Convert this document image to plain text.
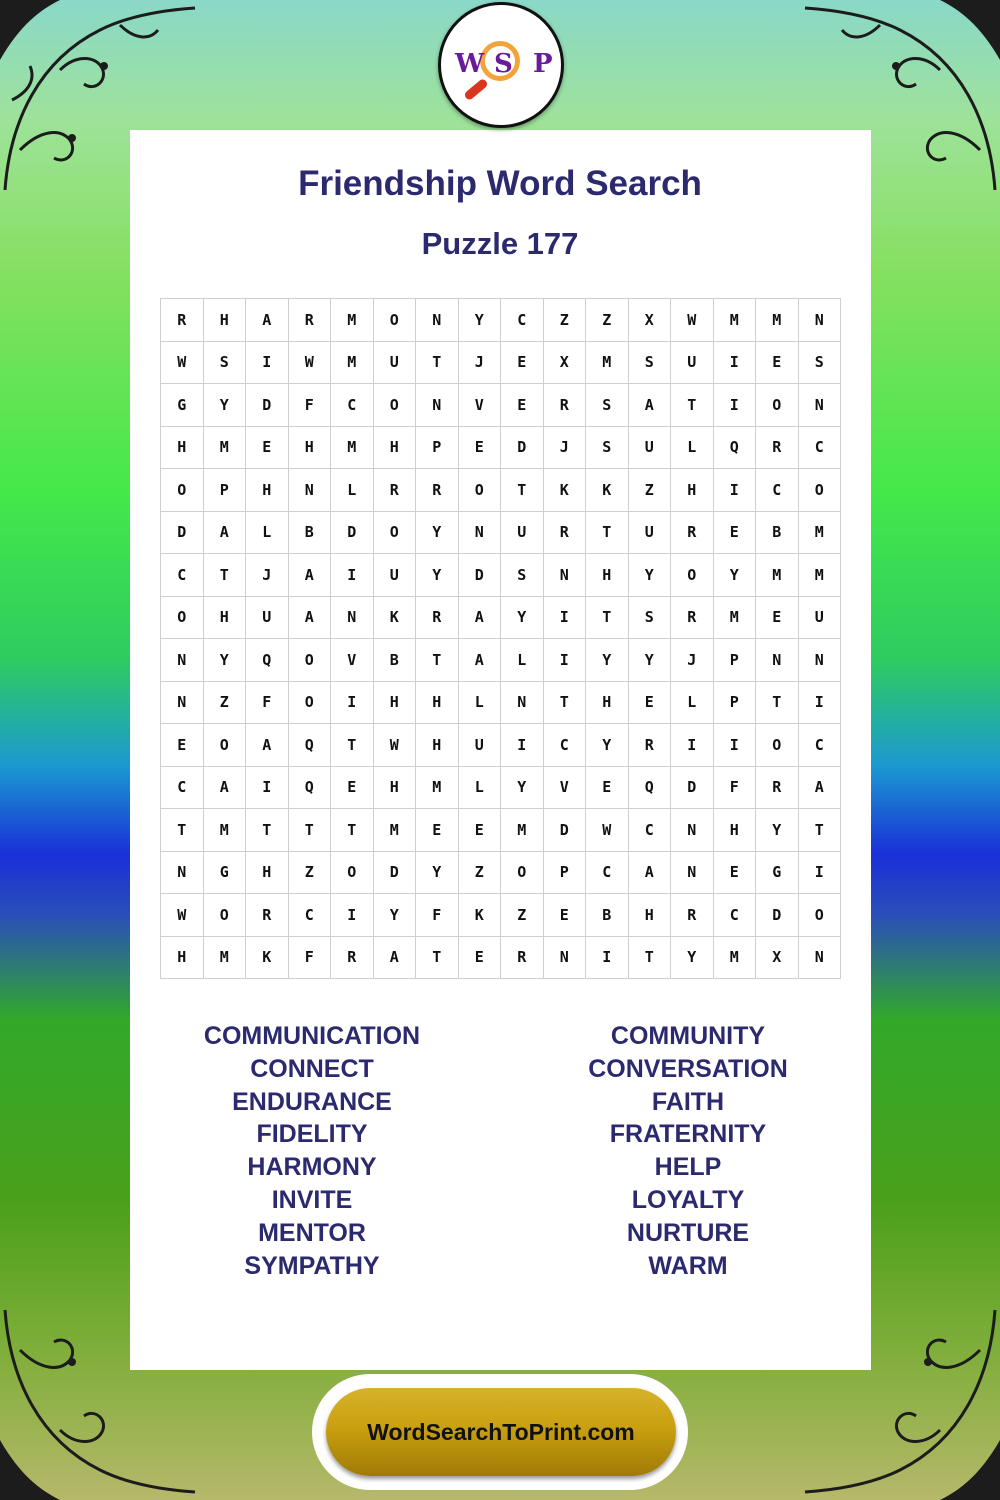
W S P
Friendship Word Search
Puzzle 177
R	H	A	R	M	O	N	Y	C	Z	Z	X	W	M	M	N
W	S	I	W	M	U	T	J	E	X	M	S	U	I	E	S
G	Y	D	F	C	O	N	V	E	R	S	A	T	I	O	N
H	M	E	H	M	H	P	E	D	J	S	U	L	Q	R	C
O	P	H	N	L	R	R	O	T	K	K	Z	H	I	C	O
D	A	L	B	D	O	Y	N	U	R	T	U	R	E	B	M
C	T	J	A	I	U	Y	D	S	N	H	Y	O	Y	M	M
O	H	U	A	N	K	R	A	Y	I	T	S	R	M	E	U
N	Y	Q	O	V	B	T	A	L	I	Y	Y	J	P	N	N
N	Z	F	O	I	H	H	L	N	T	H	E	L	P	T	I
E	O	A	Q	T	W	H	U	I	C	Y	R	I	I	O	C
C	A	I	Q	E	H	M	L	Y	V	E	Q	D	F	R	A
T	M	T	T	T	M	E	E	M	D	W	C	N	H	Y	T
N	G	H	Z	O	D	Y	Z	O	P	C	A	N	E	G	I
W	O	R	C	I	Y	F	K	Z	E	B	H	R	C	D	O
H	M	K	F	R	A	T	E	R	N	I	T	Y	M	X	N
COMMUNICATION
CONNECT
ENDURANCE
FIDELITY
HARMONY
INVITE
MENTOR
SYMPATHY
COMMUNITY
CONVERSATION
FAITH
FRATERNITY
HELP
LOYALTY
NURTURE
WARM
WordSearchToPrint.com
